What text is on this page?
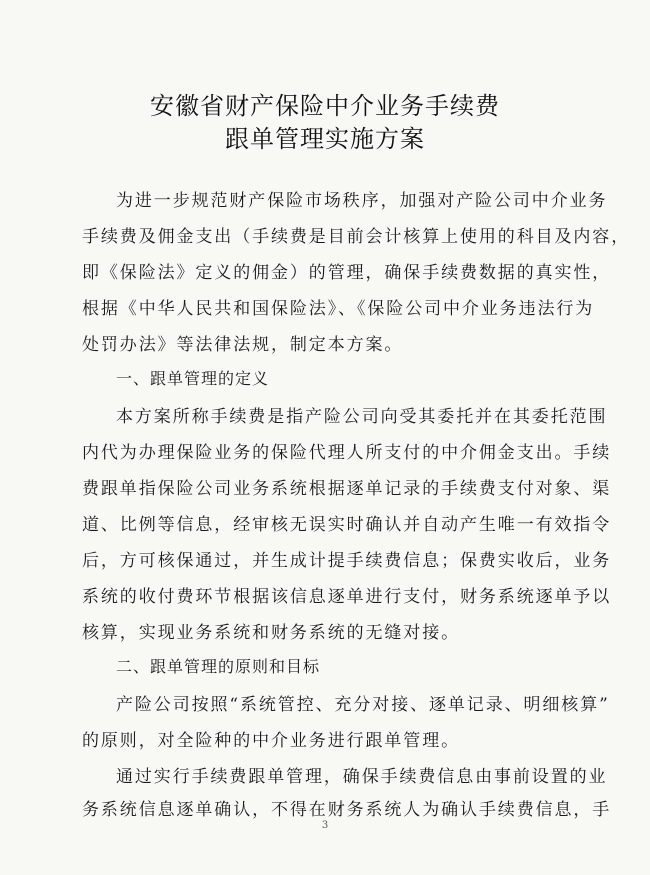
安徽省财产保险中介业务手续费
跟单管理实施方案
为进一步规范财产保险市场秩序，加强对产险公司中介业务
手续费及佣金支出（手续费是目前会计核算上使用的科目及内容，
即《保险法》定义的佣金）的管理，确保手续费数据的真实性，
根据《中华人民共和国保险法》、《保险公司中介业务违法行为
处罚办法》等法律法规，制定本方案。
一、跟单管理的定义
本方案所称手续费是指产险公司向受其委托并在其委托范围
内代为办理保险业务的保险代理人所支付的中介佣金支出。手续
费跟单指保险公司业务系统根据逐单记录的手续费支付对象、渠
道、比例等信息，经审核无误实时确认并自动产生唯一有效指令
后，方可核保通过，并生成计提手续费信息；保费实收后，业务
系统的收付费环节根据该信息逐单进行支付，财务系统逐单予以
核算，实现业务系统和财务系统的无缝对接。
二、跟单管理的原则和目标
产险公司按照“系统管控、充分对接、逐单记录、明细核算”
的原则，对全险种的中介业务进行跟单管理。
通过实行手续费跟单管理，确保手续费信息由事前设置的业
务系统信息逐单确认，不得在财务系统人为确认手续费信息，手
3
